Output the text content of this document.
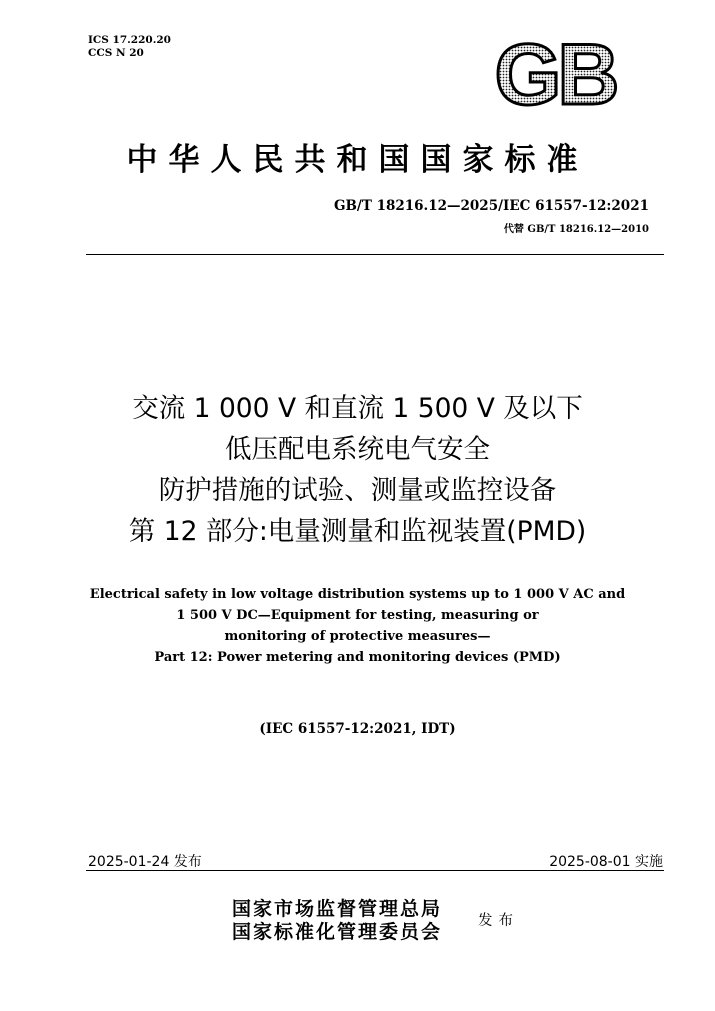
ICS 17.220.20
CCS N 20	GB
中华人民共和国国家标准
GB/T 18216.12—2025/IEC 61557-12:2021
代替 GB/T 18216.12—2010
交流 1 000 V 和直流 1 500 V 及以下
低压配电系统电气安全
防护措施的试验、测量或监控设备
第 12 部分:电量测量和监视装置(PMD)
Electrical safety in low voltage distribution systems up to 1 000 V AC and
1 500 V DC—Equipment for testing, measuring or
monitoring of protective measures—
Part 12: Power metering and monitoring devices (PMD)
(IEC 61557-12:2021, IDT)
2025-01-24 发布	2025-08-01 实施
国家市场监督管理总局
国家标准化管理委员会 发布
